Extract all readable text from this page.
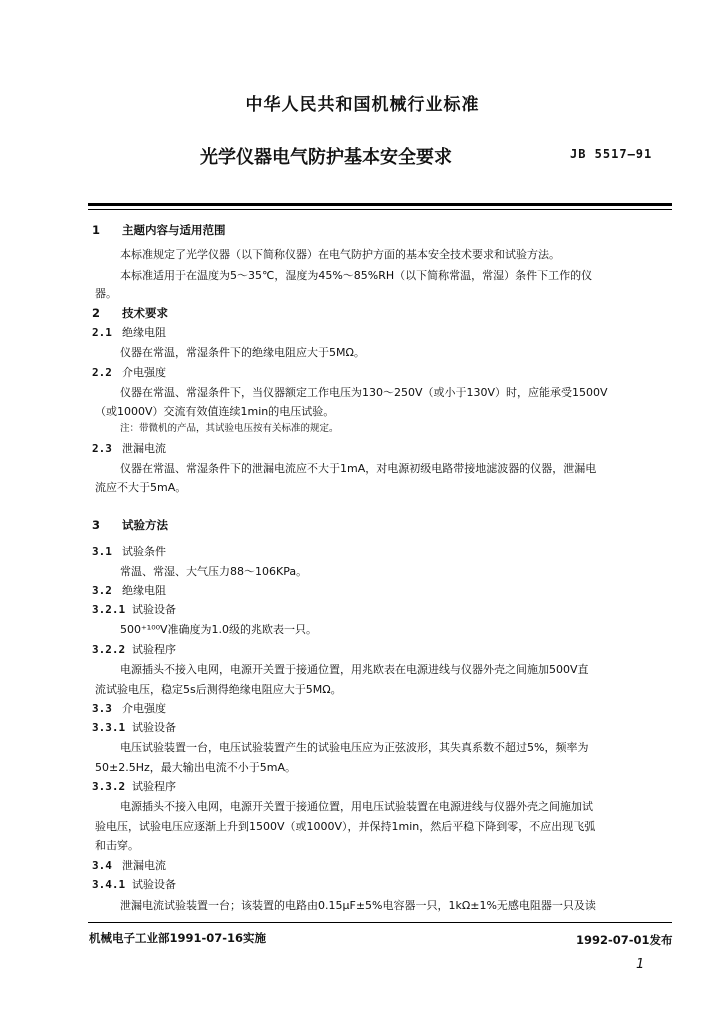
中华人民共和国机械行业标准
光学仪器电气防护基本安全要求	JB 5517—91
1 主题内容与适用范围
本标准规定了光学仪器（以下简称仪器）在电气防护方面的基本安全技术要求和试验方法。
本标准适用于在温度为5～35℃，湿度为45%～85%RH（以下简称常温，常湿）条件下工作的仪
器。
2 技术要求
2.1 绝缘电阻
仪器在常温，常湿条件下的绝缘电阻应大于5MΩ。
2.2 介电强度
仪器在常温、常湿条件下，当仪器额定工作电压为130～250V（或小于130V）时，应能承受1500V
（或1000V）交流有效值连续1min的电压试验。
注：带微机的产品，其试验电压按有关标准的规定。
2.3 泄漏电流
仪器在常温、常湿条件下的泄漏电流应不大于1mA，对电源初级电路带接地滤波器的仪器，泄漏电
流应不大于5mA。
3 试验方法
3.1 试验条件
常温、常湿、大气压力88～106KPa。
3.2 绝缘电阻
3.2.1 试验设备
500⁺¹⁰⁰V准确度为1.0级的兆欧表一只。
3.2.2 试验程序
电源插头不接入电网，电源开关置于接通位置，用兆欧表在电源进线与仪器外壳之间施加500V直
流试验电压，稳定5s后测得绝缘电阻应大于5MΩ。
3.3 介电强度
3.3.1 试验设备
电压试验装置一台，电压试验装置产生的试验电压应为正弦波形，其失真系数不超过5%，频率为
50±2.5Hz，最大输出电流不小于5mA。
3.3.2 试验程序
电源插头不接入电网，电源开关置于接通位置，用电压试验装置在电源进线与仪器外壳之间施加试
验电压，试验电压应逐渐上升到1500V（或1000V），并保持1min，然后平稳下降到零，不应出现飞弧
和击穿。
3.4 泄漏电流
3.4.1 试验设备
泄漏电流试验装置一台；该装置的电路由0.15μF±5%电容器一只，1kΩ±1%无感电阻器一只及读
机械电子工业部1991-07-16实施	1992-07-01发布
1
